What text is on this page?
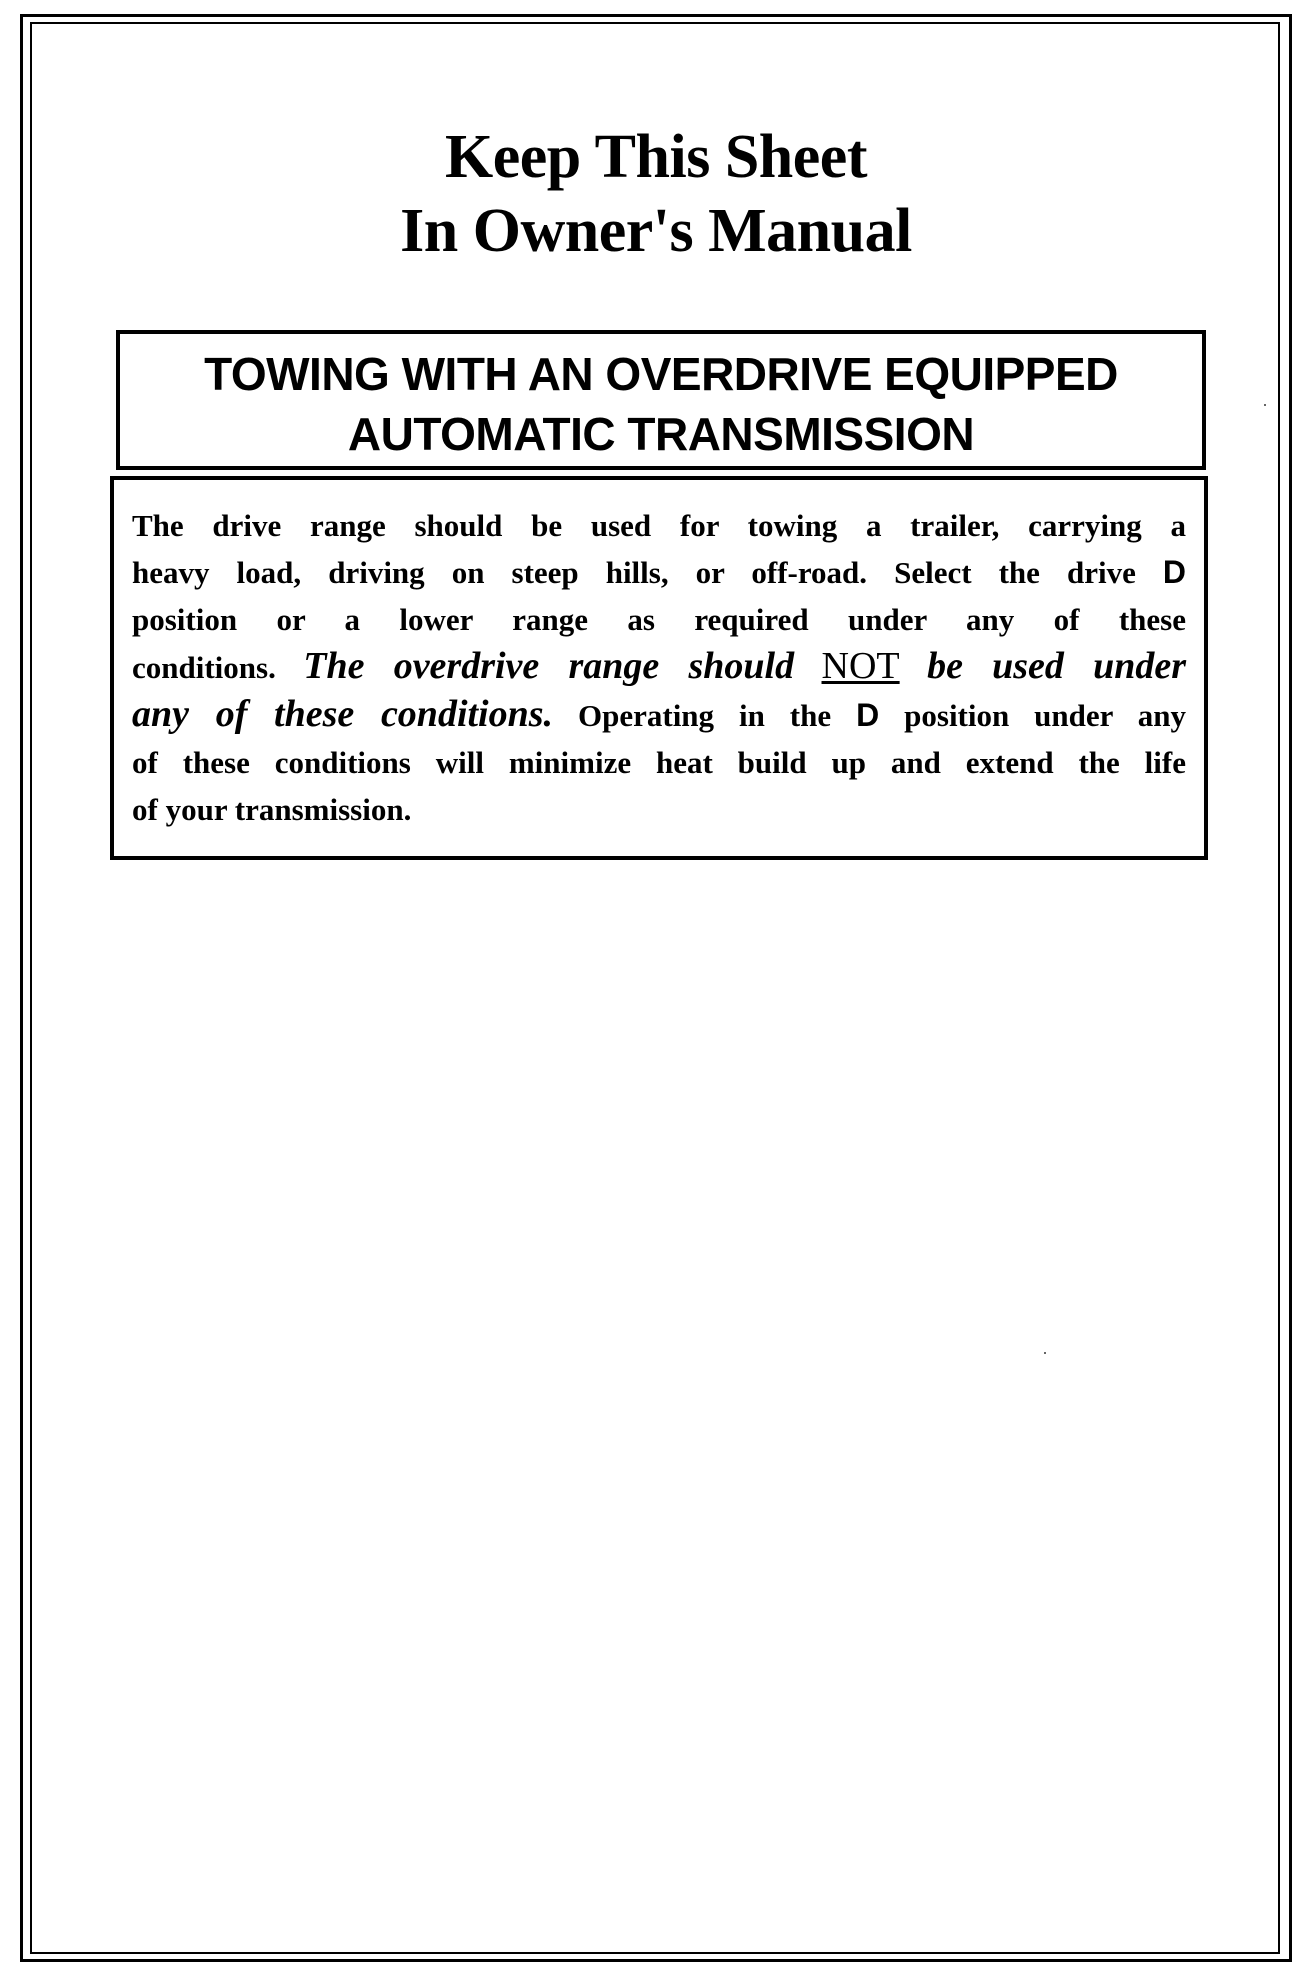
Keep This Sheet
In Owner's Manual
TOWING WITH AN OVERDRIVE EQUIPPED
AUTOMATIC TRANSMISSION
The drive range should be used for towing a trailer, carrying a
heavy load, driving on steep hills, or off-road. Select the drive D
position or a lower range as required under any of these
conditions. The overdrive range should NOT be used under
any of these conditions. Operating in the D position under any
of these conditions will minimize heat build up and extend the life
of your transmission.
